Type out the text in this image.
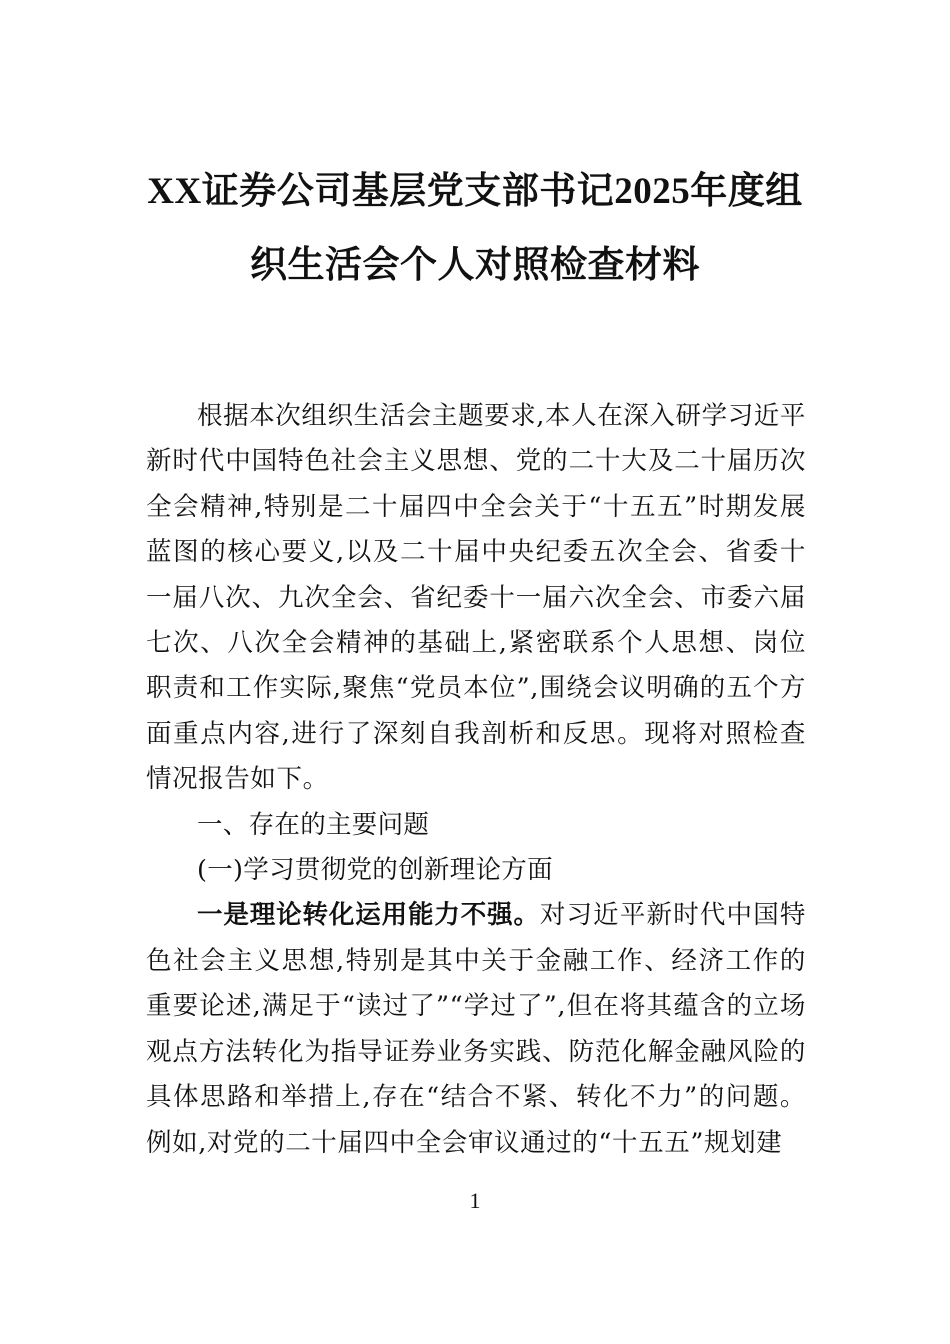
XX证券公司基层党支部书记2025年度组
织生活会个人对照检查材料

根据本次组织生活会主题要求,本人在深入研学习近平新时代中国特色社会主义思想、党的二十大及二十届历次全会精神,特别是二十届四中全会关于“十五五”时期发展蓝图的核心要义,以及二十届中央纪委五次全会、省委十一届八次、九次全会、省纪委十一届六次全会、市委六届七次、八次全会精神的基础上,紧密联系个人思想、岗位职责和工作实际,聚焦“党员本位”,围绕会议明确的五个方面重点内容,进行了深刻自我剖析和反思。现将对照检查情况报告如下。

一、存在的主要问题

(一)学习贯彻党的创新理论方面

一是理论转化运用能力不强。对习近平新时代中国特色社会主义思想,特别是其中关于金融工作、经济工作的重要论述,满足于“读过了”“学过了”,但在将其蕴含的立场观点方法转化为指导证券业务实践、防范化解金融风险的具体思路和举措上,存在“结合不紧、转化不力”的问题。例如,对党的二十届四中全会审议通过的“十五五”规划建

1
